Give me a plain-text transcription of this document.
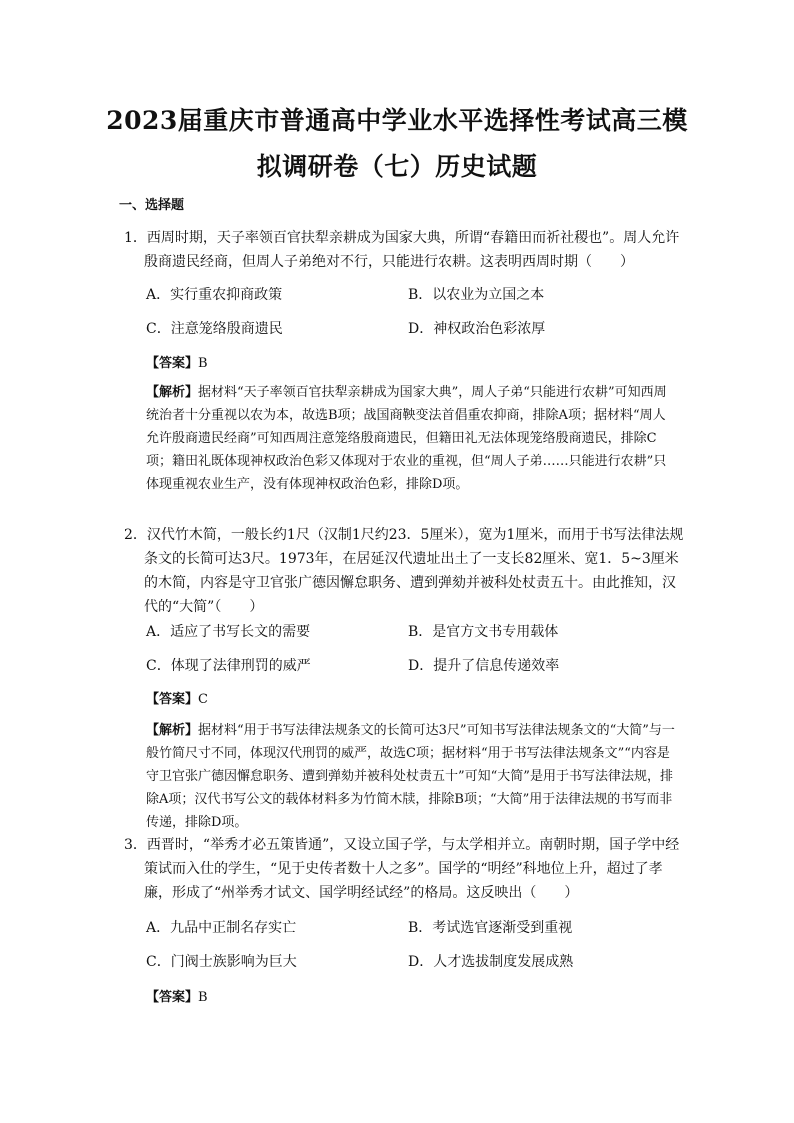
2023届重庆市普通高中学业水平选择性考试高三模
拟调研卷（七）历史试题
一、选择题
1．西周时期，天子率领百官扶犁亲耕成为国家大典，所谓“春籍田而祈社稷也”。周人允许殷商遗民经商，但周人子弟绝对不行，只能进行农耕。这表明西周时期（　　）
A．实行重农抑商政策	B．以农业为立国之本
C．注意笼络殷商遗民	D．神权政治色彩浓厚
【答案】B
【解析】据材料“天子率领百官扶犁亲耕成为国家大典”，周人子弟“只能进行农耕”可知西周统治者十分重视以农为本，故选B项；战国商鞅变法首倡重农抑商，排除A项；据材料“周人允许殷商遗民经商”可知西周注意笼络殷商遗民，但籍田礼无法体现笼络殷商遗民，排除C项；籍田礼既体现神权政治色彩又体现对于农业的重视，但“周人子弟……只能进行农耕”只体现重视农业生产，没有体现神权政治色彩，排除D项。
2．汉代竹木简，一般长约1尺（汉制1尺约23．5厘米），宽为1厘米，而用于书写法律法规条文的长简可达3尺。1973年，在居延汉代遗址出土了一支长82厘米、宽1．5~3厘米的木简，内容是守卫官张广德因懈怠职务、遭到弹劾并被科处杖责五十。由此推知，汉代的“大简”（　　）
A．适应了书写长文的需要	B．是官方文书专用载体
C．体现了法律刑罚的威严	D．提升了信息传递效率
【答案】C
【解析】据材料“用于书写法律法规条文的长简可达3尺”可知书写法律法规条文的“大简”与一般竹简尺寸不同，体现汉代刑罚的威严，故选C项；据材料“用于书写法律法规条文”“内容是守卫官张广德因懈怠职务、遭到弹劾并被科处杖责五十”可知“大简”是用于书写法律法规，排除A项；汉代书写公文的载体材料多为竹简木牍，排除B项；“大简”用于法律法规的书写而非传递，排除D项。
3．西晋时，“举秀才必五策皆通”，又设立国子学，与太学相并立。南朝时期，国子学中经策试而入仕的学生，“见于史传者数十人之多”。国学的“明经”科地位上升，超过了孝廉，形成了“州举秀才试文、国学明经试经”的格局。这反映出（　　）
A．九品中正制名存实亡	B．考试选官逐渐受到重视
C．门阀士族影响为巨大	D．人才选拔制度发展成熟
【答案】B
